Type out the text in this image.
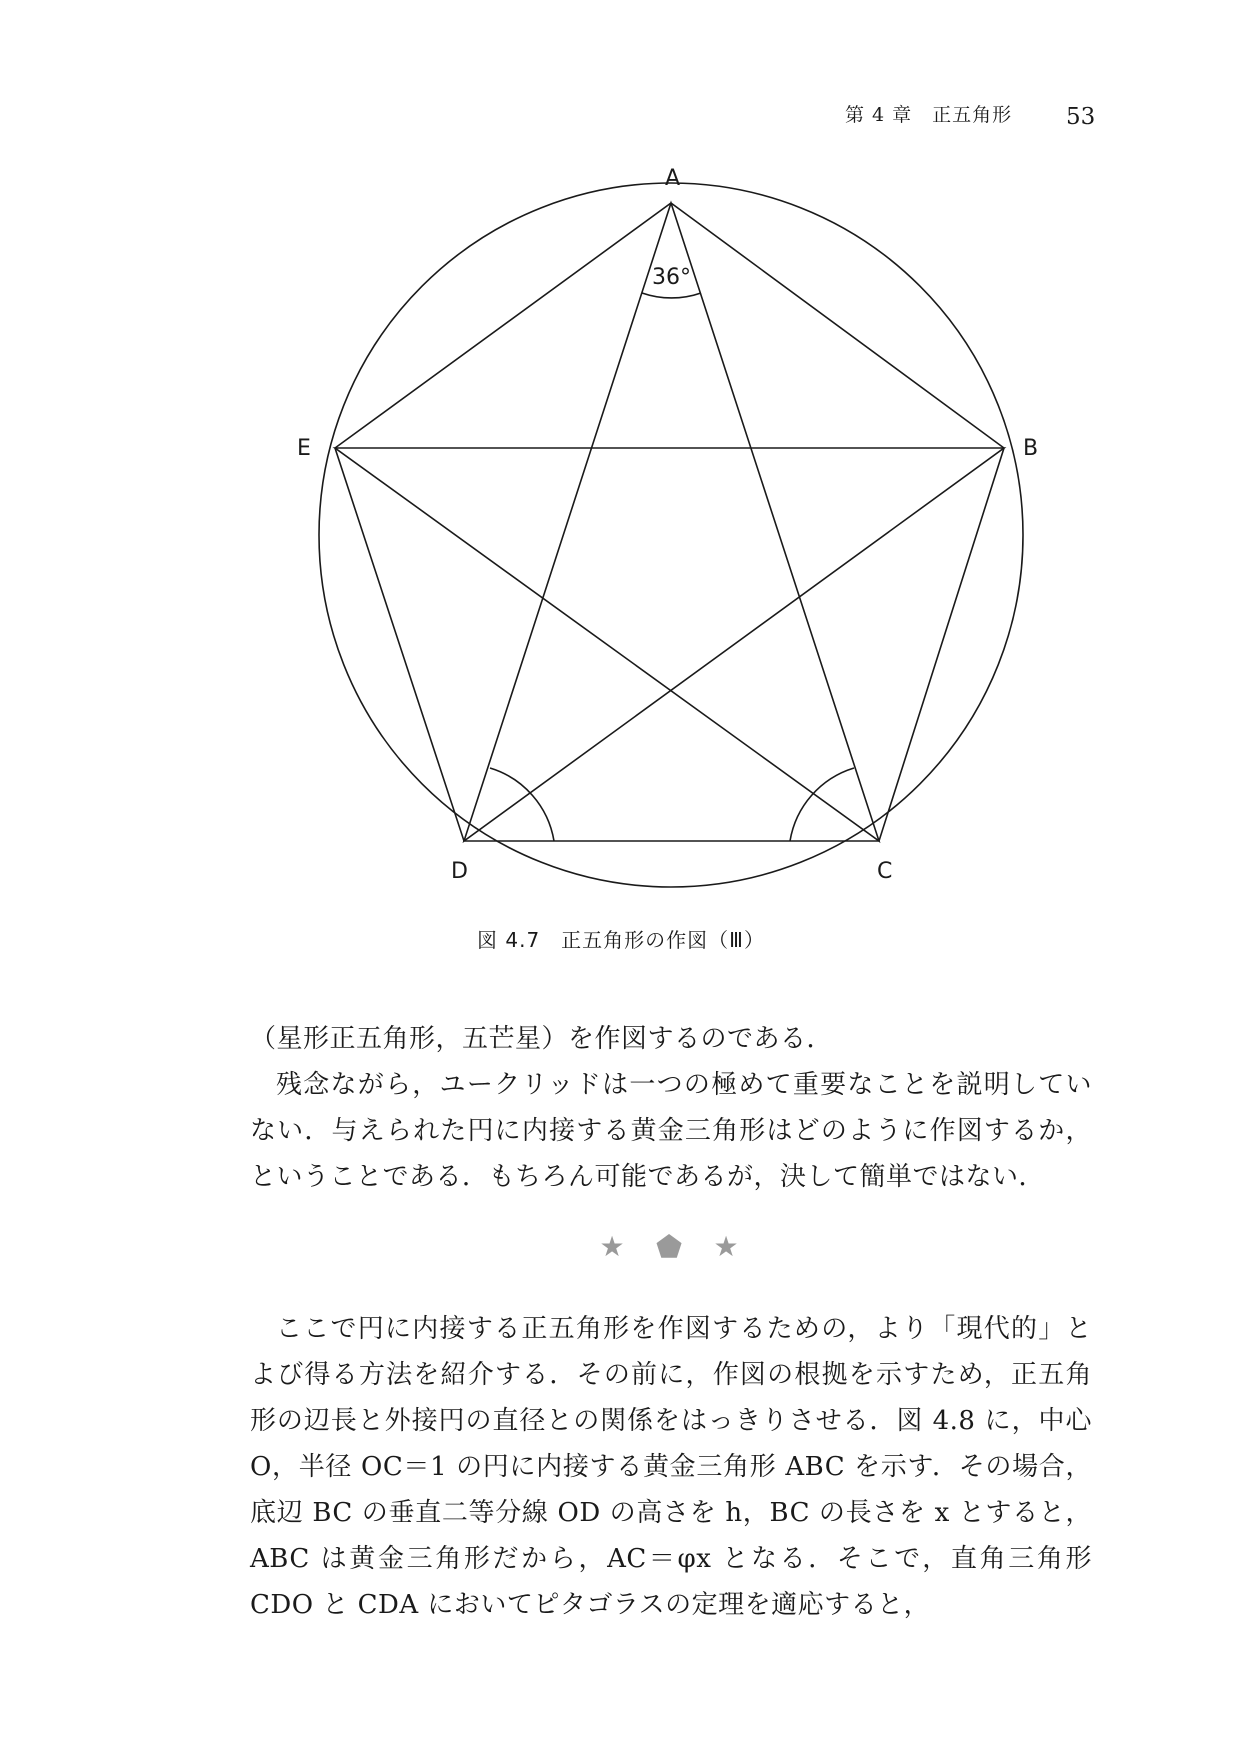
第 4 章　正五角形 53
A
B
C
D
E
36°
図 4.7　正五角形の作図（Ⅲ）

（星形正五角形，五芒星）を作図するのである．

残念ながら，ユークリッドは一つの極めて重要なことを説明していない．与えられた円に内接する黄金三角形はどのように作図するか，ということである．もちろん可能であるが，決して簡単ではない．

★ ⬟ ★

ここで円に内接する正五角形を作図するための，より「現代的」とよび得る方法を紹介する．その前に，作図の根拠を示すため，正五角形の辺長と外接円の直径との関係をはっきりさせる．図 4.8 に，中心 O，半径 OC＝1 の円に内接する黄金三角形 ABC を示す．その場合，底辺 BC の垂直二等分線 OD の高さを h，BC の長さを x とすると，ABC は黄金三角形だから，AC＝φx となる．そこで，直角三角形 CDO と CDA においてピタゴラスの定理を適応すると，
